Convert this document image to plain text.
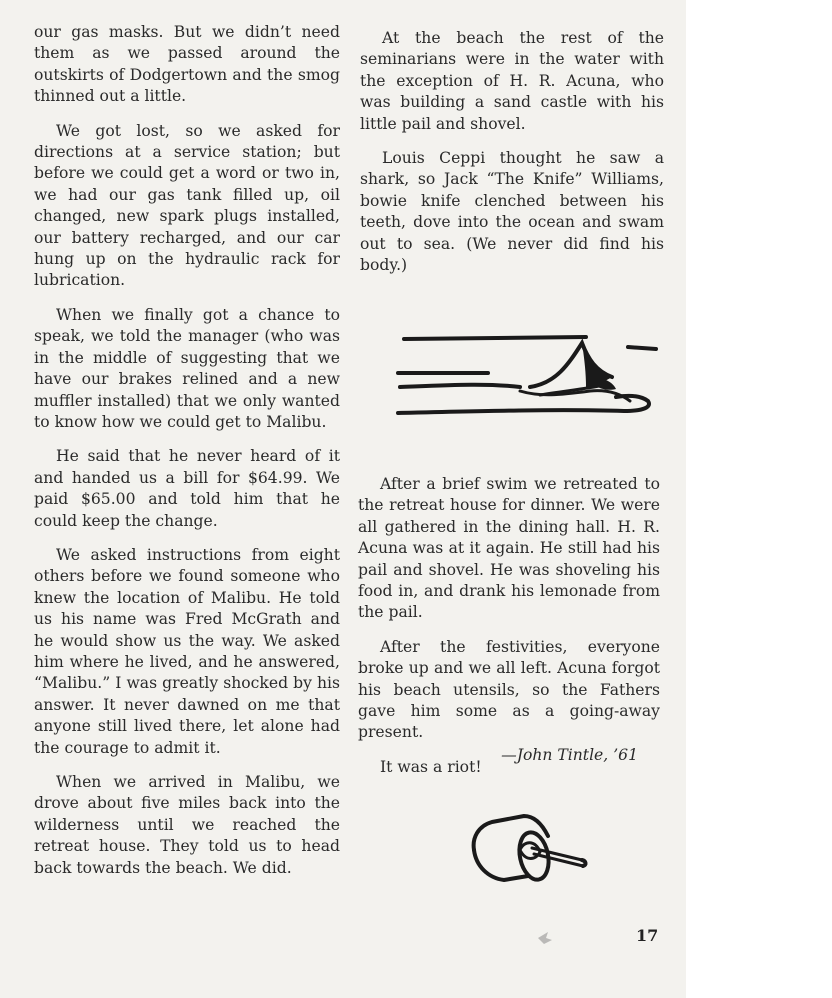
our gas masks. But we didn’t need them as we passed around the outskirts of Dodgertown and the smog thinned out a little.

We got lost, so we asked for directions at a service station; but before we could get a word or two in, we had our gas tank filled up, oil changed, new spark plugs installed, our battery recharged, and our car hung up on the hydraulic rack for lubrication.

When we finally got a chance to speak, we told the manager (who was in the middle of suggesting that we have our brakes relined and a new muffler installed) that we only wanted to know how we could get to Malibu.

He said that he never heard of it and handed us a bill for $64.99. We paid $65.00 and told him that he could keep the change.

We asked instructions from eight others before we found someone who knew the location of Malibu. He told us his name was Fred McGrath and he would show us the way. We asked him where he lived, and he answered, “Malibu.” I was greatly shocked by his answer. It never dawned on me that anyone still lived there, let alone had the courage to admit it.

When we arrived in Malibu, we drove about five miles back into the wilderness until we reached the retreat house. They told us to head back towards the beach. We did.

At the beach the rest of the seminarians were in the water with the exception of H. R. Acuna, who was building a sand castle with his little pail and shovel.

Louis Ceppi thought he saw a shark, so Jack “The Knife” Williams, bowie knife clenched between his teeth, dove into the ocean and swam out to sea. (We never did find his body.)

After a brief swim we retreated to the retreat house for dinner. We were all gathered in the dining hall. H. R. Acuna was at it again. He still had his pail and shovel. He was shoveling his food in, and drank his lemonade from the pail.

After the festivities, everyone broke up and we all left. Acuna forgot his beach utensils, so the Fathers gave him some as a going-away present.

It was a riot!

—John Tintle, ’61
17
